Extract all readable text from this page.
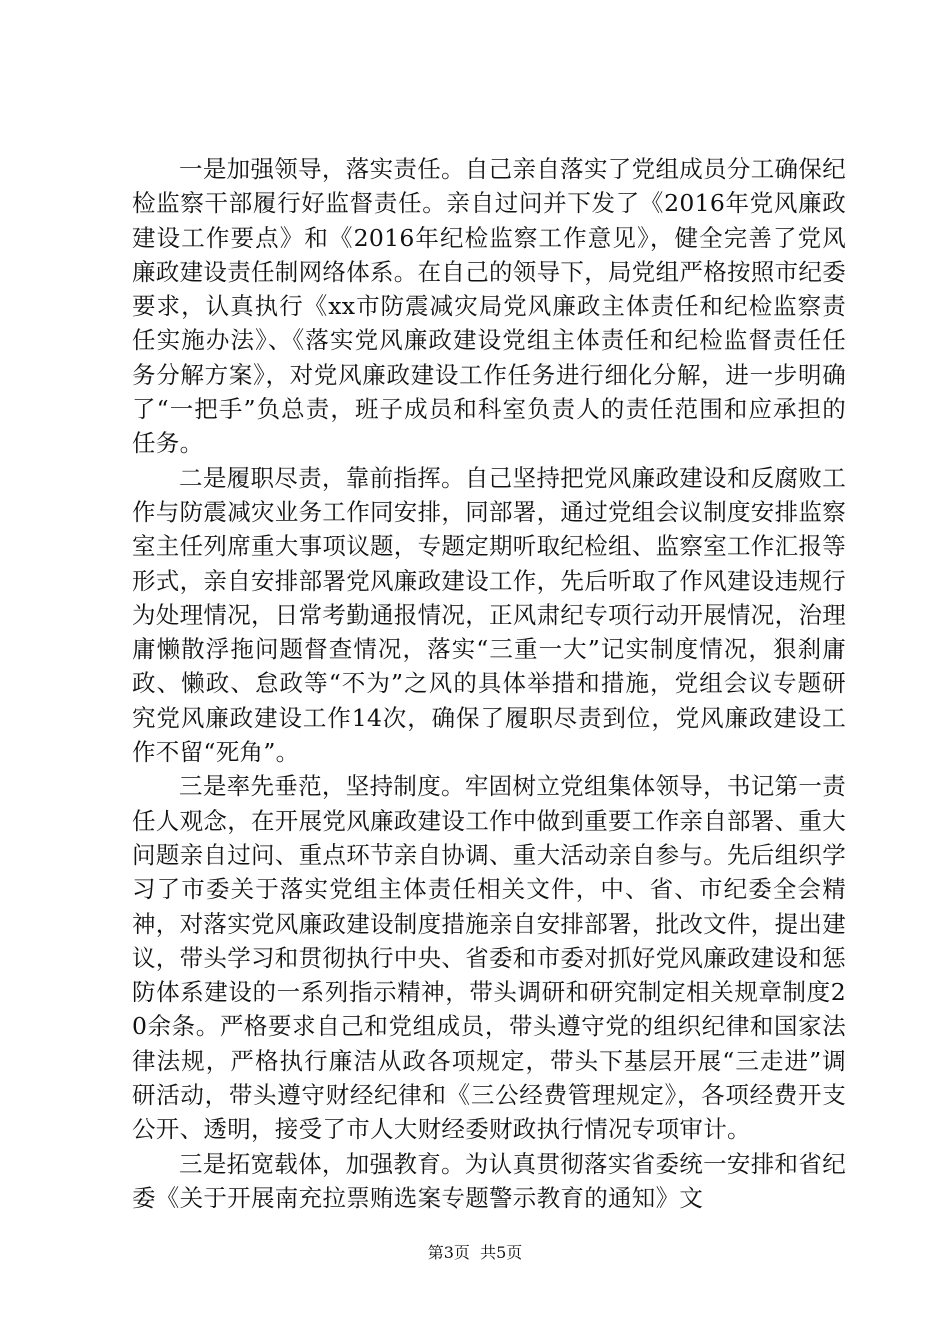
一是加强领导，落实责任。自己亲自落实了党组成员分工确保纪检监察干部履行好监督责任。亲自过问并下发了《2016年党风廉政建设工作要点》和《2016年纪检监察工作意见》，健全完善了党风廉政建设责任制网络体系。在自己的领导下，局党组严格按照市纪委要求，认真执行《xx市防震减灾局党风廉政主体责任和纪检监察责任实施办法》、《落实党风廉政建设党组主体责任和纪检监督责任任务分解方案》，对党风廉政建设工作任务进行细化分解，进一步明确了“一把手”负总责，班子成员和科室负责人的责任范围和应承担的任务。

二是履职尽责，靠前指挥。自己坚持把党风廉政建设和反腐败工作与防震减灾业务工作同安排，同部署，通过党组会议制度安排监察室主任列席重大事项议题，专题定期听取纪检组、监察室工作汇报等形式，亲自安排部署党风廉政建设工作，先后听取了作风建设违规行为处理情况，日常考勤通报情况，正风肃纪专项行动开展情况，治理庸懒散浮拖问题督查情况，落实“三重一大”记实制度情况，狠刹庸政、懒政、怠政等“不为”之风的具体举措和措施，党组会议专题研究党风廉政建设工作14次，确保了履职尽责到位，党风廉政建设工作不留“死角”。

三是率先垂范，坚持制度。牢固树立党组集体领导，书记第一责任人观念，在开展党风廉政建设工作中做到重要工作亲自部署、重大问题亲自过问、重点环节亲自协调、重大活动亲自参与。先后组织学习了市委关于落实党组主体责任相关文件，中、省、市纪委全会精神，对落实党风廉政建设制度措施亲自安排部署，批改文件，提出建议，带头学习和贯彻执行中央、省委和市委对抓好党风廉政建设和惩防体系建设的一系列指示精神，带头调研和研究制定相关规章制度20余条。严格要求自己和党组成员，带头遵守党的组织纪律和国家法律法规，严格执行廉洁从政各项规定，带头下基层开展“三走进”调研活动，带头遵守财经纪律和《三公经费管理规定》，各项经费开支公开、透明，接受了市人大财经委财政执行情况专项审计。

三是拓宽载体，加强教育。为认真贯彻落实省委统一安排和省纪委《关于开展南充拉票贿选案专题警示教育的通知》文

第3页 共5页
